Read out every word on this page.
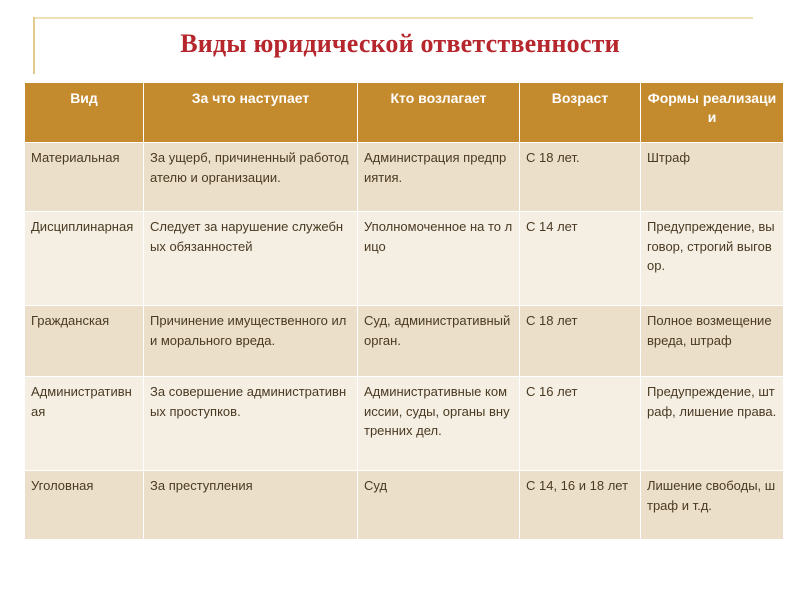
Виды юридической ответственности
Вид	За что наступает	Кто возлагает	Возраст	Формы реализации
Материальная	За ущерб, причиненный работодателю и организации.	Администрация предприятия.	С 18 лет.	Штраф
Дисциплинарная	Следует за нарушение служебных обязанностей	Уполномоченное на то лицо	С 14 лет	Предупреждение, выговор, строгий выговор.
Гражданская	Причинение имущественного или морального вреда.	Суд, административный орган.	С 18 лет	Полное возмещение вреда, штраф
Административная	За совершение административных проступков.	Административные комиссии, суды, органы внутренних дел.	С 16 лет	Предупреждение, штраф, лишение права.
Уголовная	За преступления	Суд	С 14, 16 и 18 лет	Лишение свободы, штраф и т.д.
